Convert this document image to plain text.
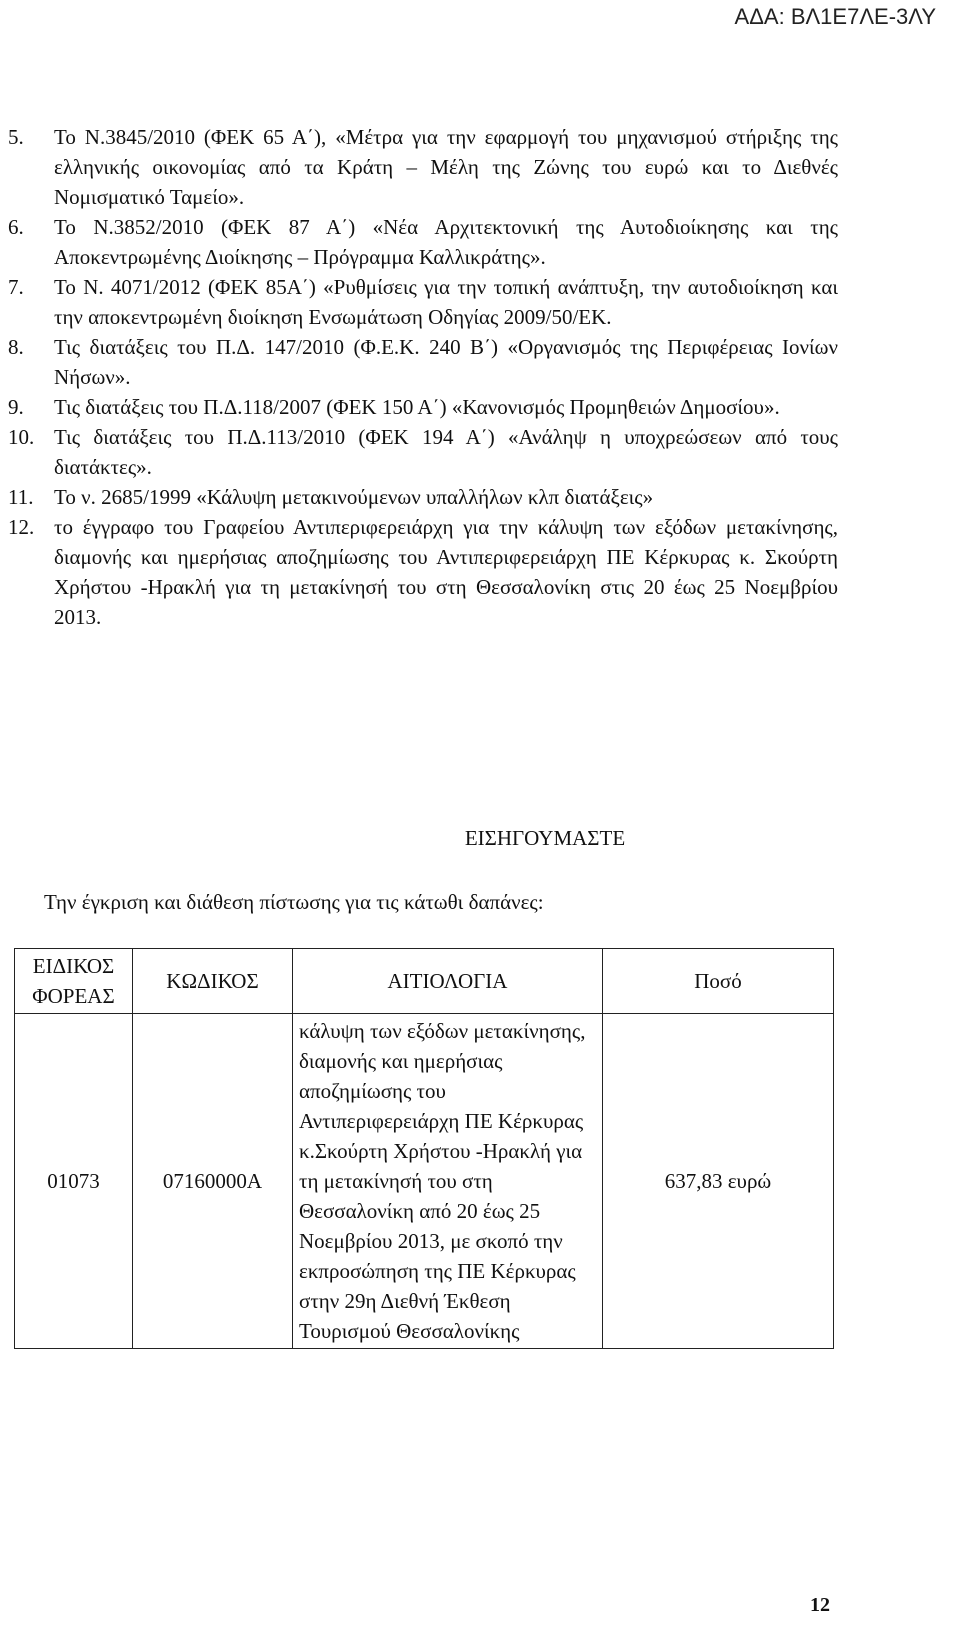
ΑΔΑ: ΒΛ1Ε7ΛΕ-3ΛΥ
5.	Το Ν.3845/2010 (ΦΕΚ 65 Α΄), «Μέτρα για την εφαρμογή του μηχανισμού στήριξης της ελληνικής οικονομίας από τα Κράτη – Μέλη της Ζώνης του ευρώ και το Διεθνές Νομισματικό Ταμείο».
6.	Το Ν.3852/2010 (ΦΕΚ 87 Α΄) «Νέα Αρχιτεκτονική της Αυτοδιοίκησης και της Αποκεντρωμένης Διοίκησης – Πρόγραμμα Καλλικράτης».
7.	Το Ν. 4071/2012 (ΦΕΚ 85Α΄) «Ρυθμίσεις για την τοπική ανάπτυξη, την αυτοδιοίκηση και την αποκεντρωμένη διοίκηση Ενσωμάτωση Οδηγίας 2009/50/ΕΚ.
8.	Τις διατάξεις του Π.Δ. 147/2010 (Φ.Ε.Κ. 240 Β΄) «Οργανισμός της Περιφέρειας Ιονίων Νήσων».
9.	Τις διατάξεις του Π.Δ.118/2007 (ΦΕΚ 150 Α΄) «Κανονισμός Προμηθειών Δημοσίου».
10. Τις διατάξεις του Π.Δ.113/2010 (ΦΕΚ 194 Α΄) «Ανάληψ η υποχρεώσεων από τους διατάκτες».
11. Το ν. 2685/1999 «Κάλυψη μετακινούμενων υπαλλήλων κλπ διατάξεις»
12. το έγγραφο του Γραφείου Αντιπεριφερειάρχη για την κάλυψη των εξόδων μετακίνησης, διαμονής και ημερήσιας αποζημίωσης του Αντιπεριφερειάρχη ΠΕ Κέρκυρας κ. Σκούρτη Χρήστου -Ηρακλή για τη μετακίνησή του στη Θεσσαλονίκη στις 20 έως 25 Νοεμβρίου 2013.
ΕΙΣΗΓΟΥΜΑΣΤΕ
Την έγκριση και διάθεση πίστωσης για τις κάτωθι δαπάνες:
ΕΙΔΙΚΟΣ ΦΟΡΕΑΣ	ΚΩΔΙΚΟΣ	ΑΙΤΙΟΛΟΓΙΑ	Ποσό
01073	07160000Α	κάλυψη των εξόδων μετακίνησης, διαμονής και ημερήσιας αποζημίωσης του Αντιπεριφερειάρχη ΠΕ Κέρκυρας κ.Σκούρτη Χρήστου -Ηρακλή για τη μετακίνησή του στη Θεσσαλονίκη από 20 έως 25 Νοεμβρίου 2013, με σκοπό την εκπροσώπηση της ΠΕ Κέρκυρας στην 29η Διεθνή Έκθεση Τουρισμού Θεσσαλονίκης	637,83 ευρώ
12
